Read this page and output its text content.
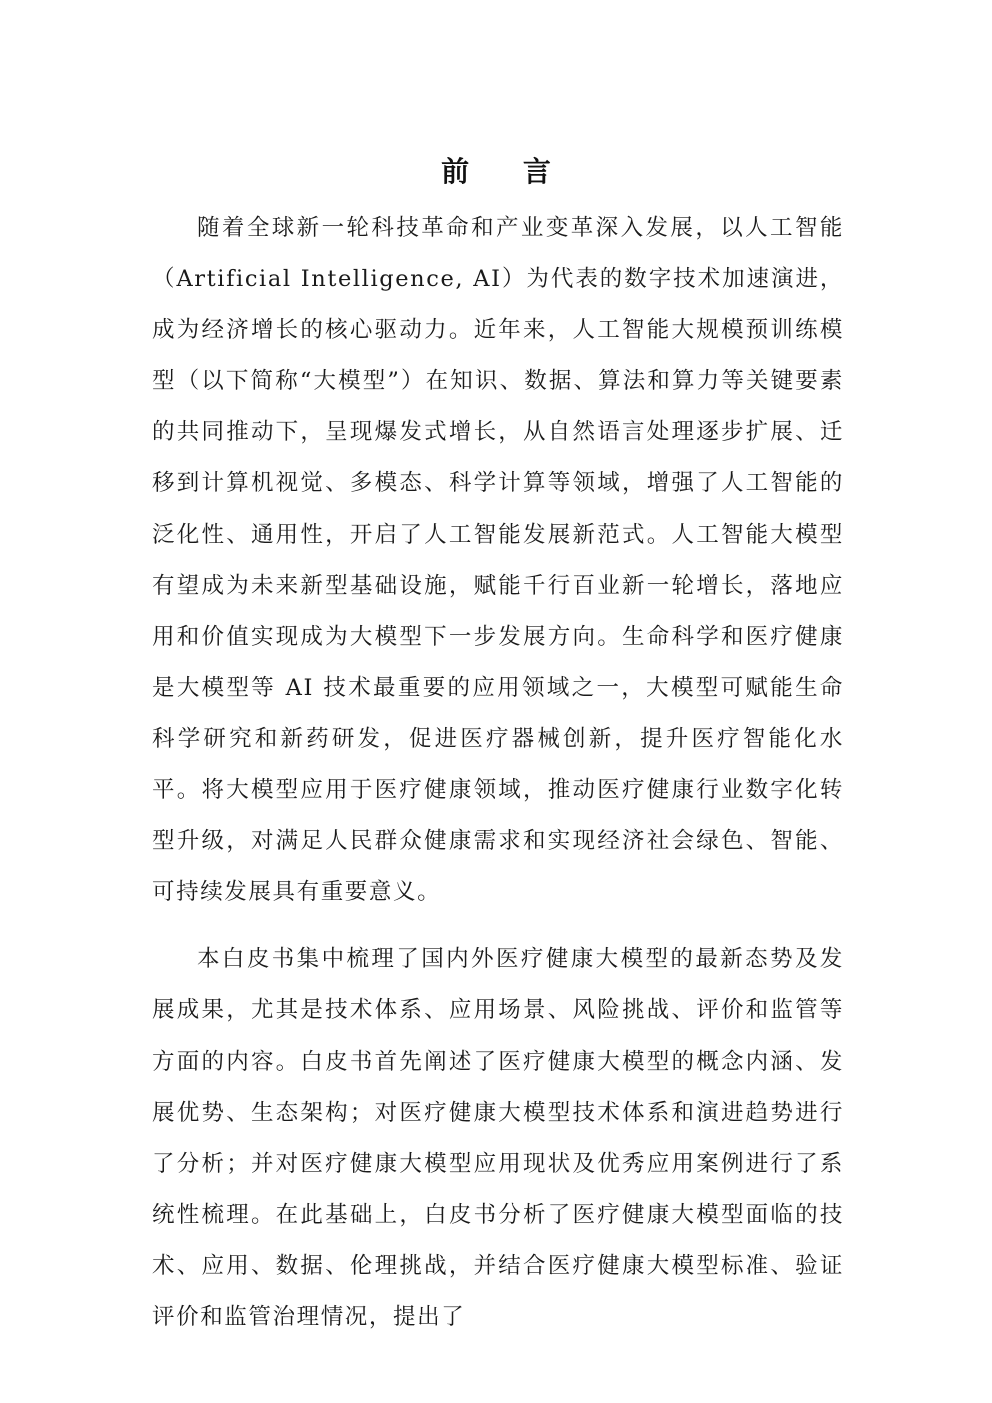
前 言

随着全球新一轮科技革命和产业变革深入发展，以人工智能（Artificial Intelligence, AI）为代表的数字技术加速演进，成为经济增长的核心驱动力。近年来，人工智能大规模预训练模型（以下简称“大模型”）在知识、数据、算法和算力等关键要素的共同推动下，呈现爆发式增长，从自然语言处理逐步扩展、迁移到计算机视觉、多模态、科学计算等领域，增强了人工智能的泛化性、通用性，开启了人工智能发展新范式。人工智能大模型有望成为未来新型基础设施，赋能千行百业新一轮增长，落地应用和价值实现成为大模型下一步发展方向。生命科学和医疗健康是大模型等 AI 技术最重要的应用领域之一，大模型可赋能生命科学研究和新药研发，促进医疗器械创新，提升医疗智能化水平。将大模型应用于医疗健康领域，推动医疗健康行业数字化转型升级，对满足人民群众健康需求和实现经济社会绿色、智能、可持续发展具有重要意义。

本白皮书集中梳理了国内外医疗健康大模型的最新态势及发展成果，尤其是技术体系、应用场景、风险挑战、评价和监管等方面的内容。白皮书首先阐述了医疗健康大模型的概念内涵、发展优势、生态架构；对医疗健康大模型技术体系和演进趋势进行了分析；并对医疗健康大模型应用现状及优秀应用案例进行了系统性梳理。在此基础上，白皮书分析了医疗健康大模型面临的技术、应用、数据、伦理挑战，并结合医疗健康大模型标准、验证评价和监管治理情况，提出了
